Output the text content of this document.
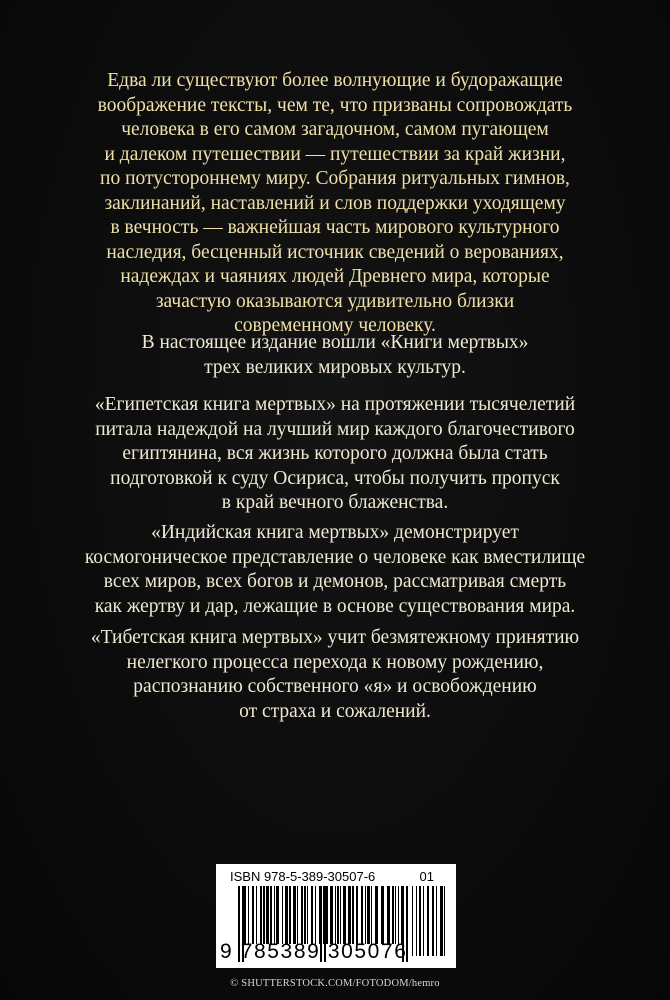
Едва ли существуют более волнующие и будоражащие
воображение тексты, чем те, что призваны сопровождать
человека в его самом загадочном, самом пугающем
и далеком путешествии — путешествии за край жизни,
по потустороннему миру. Собрания ритуальных гимнов,
заклинаний, наставлений и слов поддержки уходящему
в вечность — важнейшая часть мирового культурного
наследия, бесценный источник сведений о верованиях,
надеждах и чаяниях людей Древнего мира, которые
зачастую оказываются удивительно близки
современному человеку.
В настоящее издание вошли «Книги мертвых»
трех великих мировых культур.
«Египетская книга мертвых» на протяжении тысячелетий
питала надеждой на лучший мир каждого благочестивого
египтянина, вся жизнь которого должна была стать
подготовкой к суду Осириса, чтобы получить пропуск
в край вечного блаженства.
«Индийская книга мертвых» демонстрирует
космогоническое представление о человеке как вместилище
всех миров, всех богов и демонов, рассматривая смерть
как жертву и дар, лежащие в основе существования мира.
«Тибетская книга мертвых» учит безмятежному принятию
нелегкого процесса перехода к новому рождению,
распознанию собственного «я» и освобождению
от страха и сожалений.
ISBN 978-5-389-30507-6	01
9 785389 305076
© SHUTTERSTOCK.COM/FOTODOM/hemro
